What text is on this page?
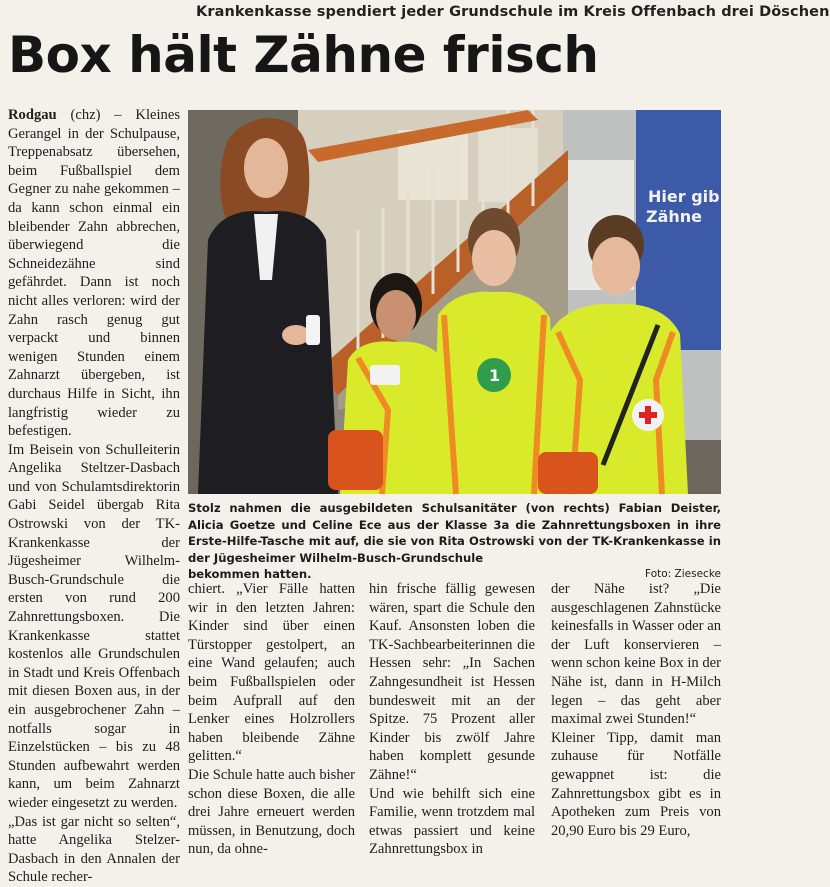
Krankenkasse spendiert jeder Grundschule im Kreis Offenbach drei Döschen
Box hält Zähne frisch

Rodgau (chz) – Kleines Gerangel in der Schulpause, Treppenabsatz übersehen, beim Fußballspiel dem Gegner zu nahe gekommen – da kann schon einmal ein bleibender Zahn abbrechen, überwiegend die Schneidezähne sind gefährdet. Dann ist noch nicht alles verloren: wird der Zahn rasch genug gut verpackt und binnen wenigen Stunden einem Zahnarzt übergeben, ist durchaus Hilfe in Sicht, ihn langfristig wieder zu befestigen.

Im Beisein von Schulleiterin Angelika Steltzer-Dasbach und von Schulamtsdirektorin Gabi Seidel übergab Rita Ostrowski von der TK-Krankenkasse der Jügesheimer Wilhelm-Busch-Grundschule die ersten von rund 200 Zahnrettungsboxen. Die Krankenkasse stattet kostenlos alle Grundschulen in Stadt und Kreis Offenbach mit diesen Boxen aus, in der ein ausgebrochener Zahn – notfalls sogar in Einzelstücken – bis zu 48 Stunden aufbewahrt werden kann, um beim Zahnarzt wieder eingesetzt zu werden.

„Das ist gar nicht so selten“, hatte Angelika Stelzer-Dasbach in den Annalen der Schule recher-

Hier gib Zähne
1
Stolz nahmen die ausgebildeten Schulsanitäter (von rechts) Fabian Deister, Alicia Goetze und Celine Ece aus der Klasse 3a die Zahnrettungsboxen in ihre Erste-Hilfe-Tasche mit auf, die sie von Rita Ostrowski von der TK-Krankenkasse in der Jügesheimer Wilhelm-Busch-Grundschule
bekommen hatten.	Foto: Ziesecke

chiert. „Vier Fälle hatten wir in den letzten Jahren: Kinder sind über einen Türstopper gestolpert, an eine Wand gelaufen; auch beim Fußballspielen oder beim Aufprall auf den Lenker eines Holzrollers haben bleibende Zähne gelitten.“

Die Schule hatte auch bisher schon diese Boxen, die alle drei Jahre erneuert werden müssen, in Benutzung, doch nun, da ohne-

hin frische fällig gewesen wären, spart die Schule den Kauf. Ansonsten loben die TK-Sachbearbeiterinnen die Hessen sehr: „In Sachen Zahngesundheit ist Hessen bundesweit mit an der Spitze. 75 Prozent aller Kinder bis zwölf Jahre haben komplett gesunde Zähne!“

Und wie behilft sich eine Familie, wenn trotzdem mal etwas passiert und keine Zahnrettungsbox in

der Nähe ist? „Die ausgeschlagenen Zahnstücke keinesfalls in Wasser oder an der Luft konservieren – wenn schon keine Box in der Nähe ist, dann in H-Milch legen – das geht aber maximal zwei Stunden!“

Kleiner Tipp, damit man zuhause für Notfälle gewappnet ist: die Zahnrettungsbox gibt es in Apotheken zum Preis von 20,90 Euro bis 29 Euro,
